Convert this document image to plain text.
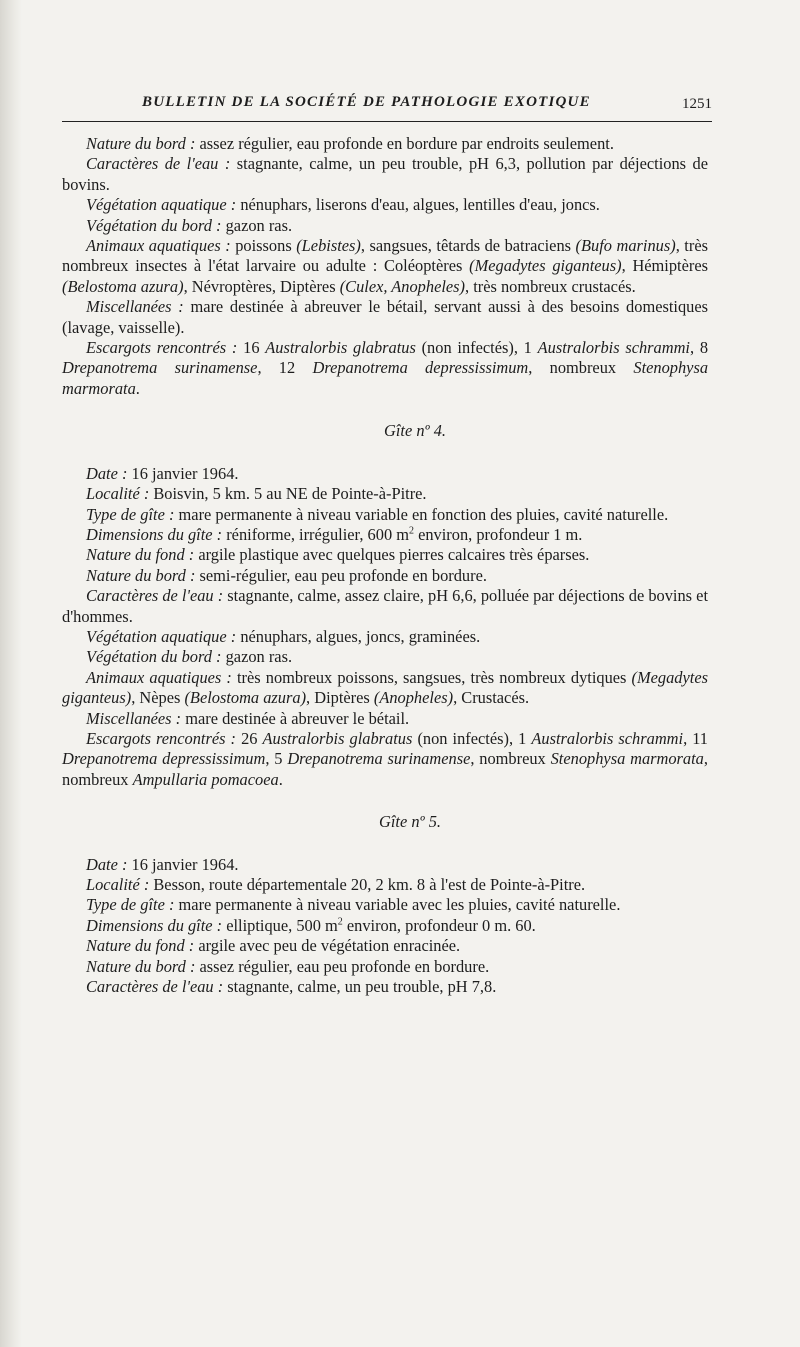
BULLETIN DE LA SOCIÉTÉ DE PATHOLOGIE EXOTIQUE	1251

Nature du bord : assez régulier, eau profonde en bordure par endroits seulement.

Caractères de l'eau : stagnante, calme, un peu trouble, pH 6,3, pollution par déjections de bovins.

Végétation aquatique : nénuphars, liserons d'eau, algues, lentilles d'eau, joncs.

Végétation du bord : gazon ras.

Animaux aquatiques : poissons (Lebistes), sangsues, têtards de batraciens (Bufo marinus), très nombreux insectes à l'état larvaire ou adulte : Coléoptères (Megadytes giganteus), Hémiptères (Belostoma azura), Névroptères, Diptères (Culex, Anopheles), très nombreux crustacés.

Miscellanées : mare destinée à abreuver le bétail, servant aussi à des besoins domestiques (lavage, vaisselle).

Escargots rencontrés : 16 Australorbis glabratus (non infectés), 1 Australorbis schrammi, 8 Drepanotrema surinamense, 12 Drepanotrema depressissimum, nombreux Stenophysa marmorata.

Gîte nº 4.

Date : 16 janvier 1964.

Localité : Boisvin, 5 km. 5 au NE de Pointe-à-Pitre.

Type de gîte : mare permanente à niveau variable en fonction des pluies, cavité naturelle.

Dimensions du gîte : réniforme, irrégulier, 600 $m^2$ environ, profondeur 1 m.

Nature du fond : argile plastique avec quelques pierres calcaires très éparses.

Nature du bord : semi-régulier, eau peu profonde en bordure.

Caractères de l'eau : stagnante, calme, assez claire, pH 6,6, polluée par déjections de bovins et d'hommes.

Végétation aquatique : nénuphars, algues, joncs, graminées.

Végétation du bord : gazon ras.

Animaux aquatiques : très nombreux poissons, sangsues, très nombreux dytiques (Megadytes giganteus), Nèpes (Belostoma azura), Diptères (Anopheles), Crustacés.

Miscellanées : mare destinée à abreuver le bétail.

Escargots rencontrés : 26 Australorbis glabratus (non infectés), 1 Australorbis schrammi, 11 Drepanotrema depressissimum, 5 Drepanotrema surinamense, nombreux Stenophysa marmorata, nombreux Ampullaria pomacoea.

Gîte nº 5.

Date : 16 janvier 1964.

Localité : Besson, route départementale 20, 2 km. 8 à l'est de Pointe-à-Pitre.

Type de gîte : mare permanente à niveau variable avec les pluies, cavité naturelle.

Dimensions du gîte : elliptique, 500 $m^2$ environ, profondeur 0 m. 60.

Nature du fond : argile avec peu de végétation enracinée.

Nature du bord : assez régulier, eau peu profonde en bordure.

Caractères de l'eau : stagnante, calme, un peu trouble, pH 7,8.
